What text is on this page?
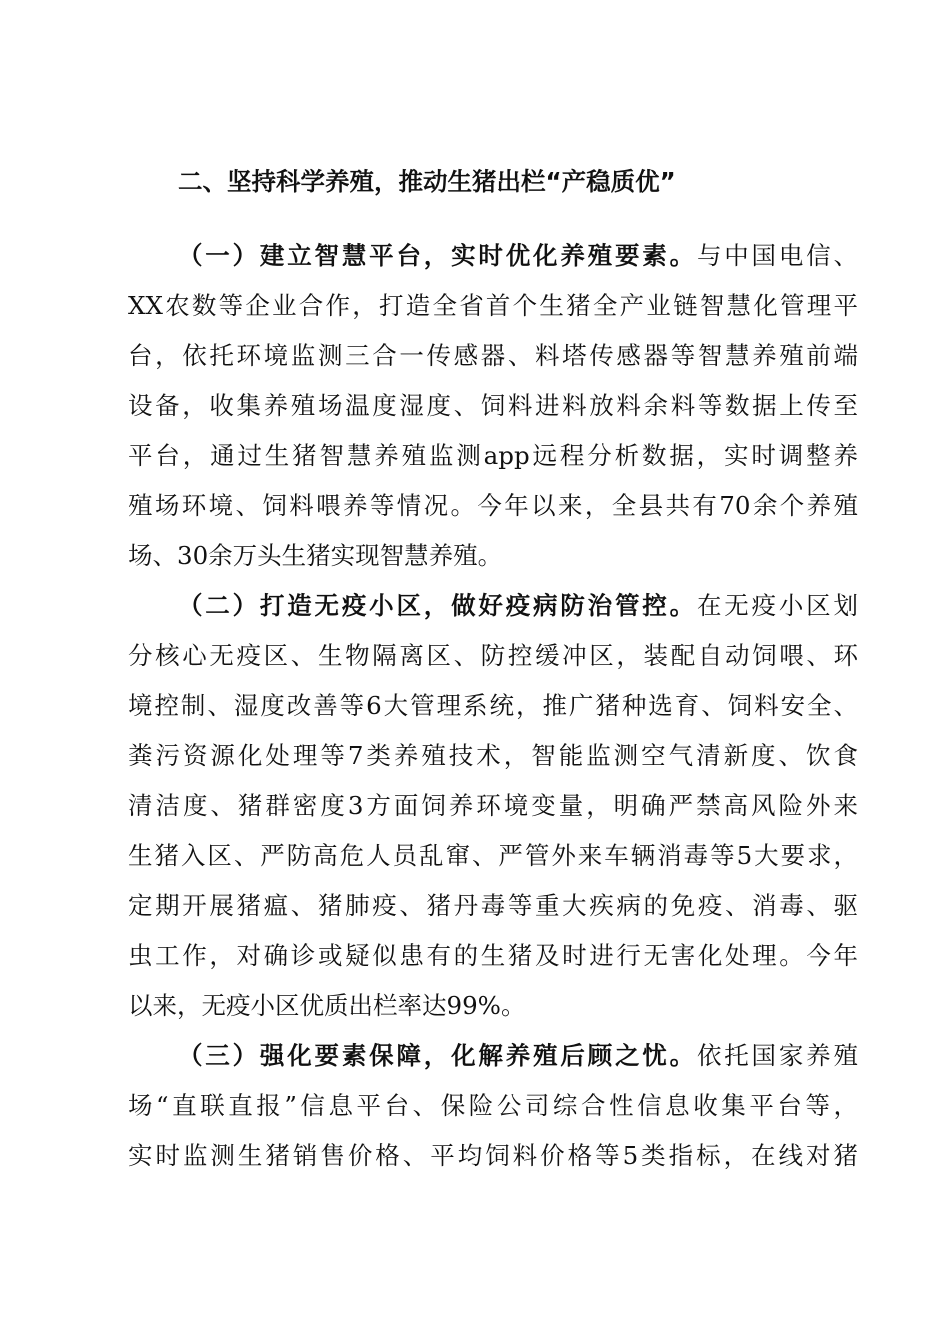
二、坚持科学养殖，推动生猪出栏“产稳质优”
（一）建立智慧平台，实时优化养殖要素。与中国电信、
XX农数等企业合作，打造全省首个生猪全产业链智慧化管理平
台，依托环境监测三合一传感器、料塔传感器等智慧养殖前端
设备，收集养殖场温度湿度、饲料进料放料余料等数据上传至
平台，通过生猪智慧养殖监测app远程分析数据，实时调整养
殖场环境、饲料喂养等情况。今年以来，全县共有70余个养殖
场、30余万头生猪实现智慧养殖。
（二）打造无疫小区，做好疫病防治管控。在无疫小区划
分核心无疫区、生物隔离区、防控缓冲区，装配自动饲喂、环
境控制、湿度改善等6大管理系统，推广猪种选育、饲料安全、
粪污资源化处理等7类养殖技术，智能监测空气清新度、饮食
清洁度、猪群密度3方面饲养环境变量，明确严禁高风险外来
生猪入区、严防高危人员乱窜、严管外来车辆消毒等5大要求，
定期开展猪瘟、猪肺疫、猪丹毒等重大疾病的免疫、消毒、驱
虫工作，对确诊或疑似患有的生猪及时进行无害化处理。今年
以来，无疫小区优质出栏率达99%。
（三）强化要素保障，化解养殖后顾之忧。依托国家养殖
场“直联直报”信息平台、保险公司综合性信息收集平台等，
实时监测生猪销售价格、平均饲料价格等5类指标，在线对猪
